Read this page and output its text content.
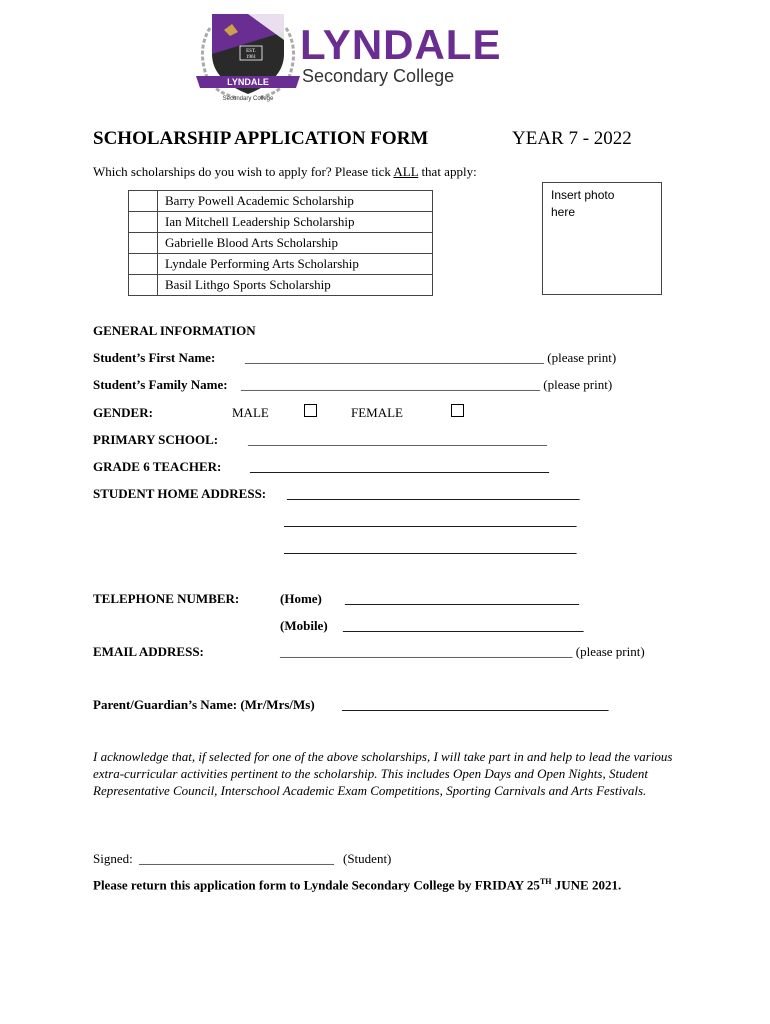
EST.
1961
LYNDALE
Secondary College
LYNDALE
Secondary College
SCHOLARSHIP APPLICATION FORM	YEAR 7 - 2022
Which scholarships do you wish to apply for? Please tick ALL that apply:
	Barry Powell Academic Scholarship
	Ian Mitchell Leadership Scholarship
	Gabrielle Blood Arts Scholarship
	Lyndale Performing Arts Scholarship
	Basil Lithgo Sports Scholarship
Insert photo here
GENERAL INFORMATION
Student’s First Name: ______________________________________________ (please print)
Student’s Family Name: ______________________________________________ (please print)
GENDER:	MALE	FEMALE
PRIMARY SCHOOL: ______________________________________________
GRADE 6 TEACHER: ______________________________________________
STUDENT HOME ADDRESS: _____________________________________________
_____________________________________________
_____________________________________________
TELEPHONE NUMBER:	(Home) ____________________________________
(Mobile) _____________________________________
EMAIL ADDRESS:	_____________________________________________ (please print)
Parent/Guardian’s Name: (Mr/Mrs/Ms) _________________________________________
I acknowledge that, if selected for one of the above scholarships, I will take part in and help to lead the various extra-curricular activities pertinent to the scholarship. This includes Open Days and Open Nights, Student Representative Council, Interschool Academic Exam Competitions, Sporting Carnivals and Arts Festivals.
Signed: ______________________________ (Student)
Please return this application form to Lyndale Secondary College by FRIDAY 25TH JUNE 2021.
